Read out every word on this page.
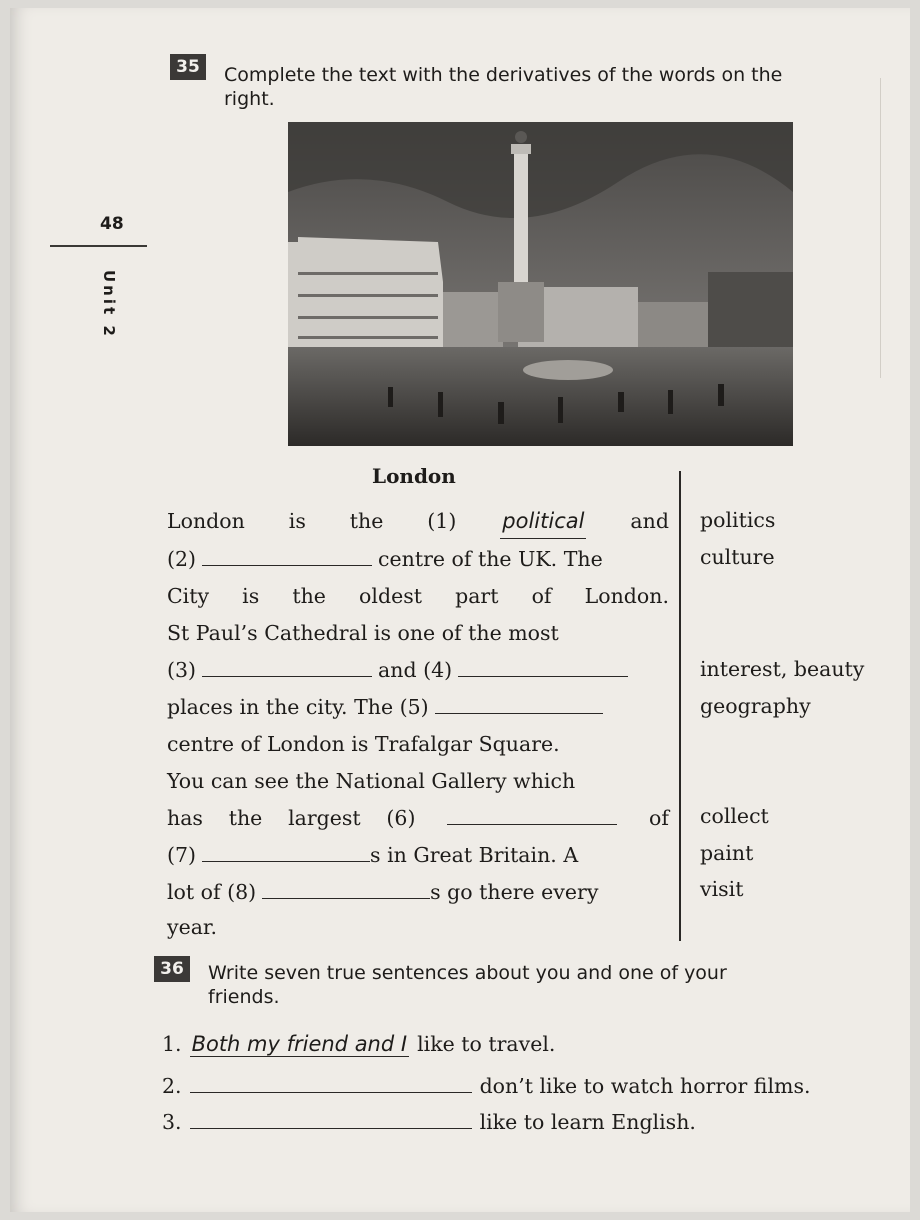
48
Unit 2
35	Complete the text with the derivatives of the words on the
right.
London
London is the (1) political and
(2)	centre of the UK. The
City is the oldest part of London.
St Paul’s Cathedral is one of the most
(3)	and (4)
places in the city. The (5)
centre of London is Trafalgar Square.
You can see the National Gallery which
has the largest (6)	of
(7)	s in Great Britain. A
lot of (8)	s go there every
year.
politics
culture
interest, beauty
geography
collect
paint
visit
36	Write seven true sentences about you and one of your
friends.
1. Both my friend and I like to travel.
2.	don’t like to watch horror films.
3.	like to learn English.
